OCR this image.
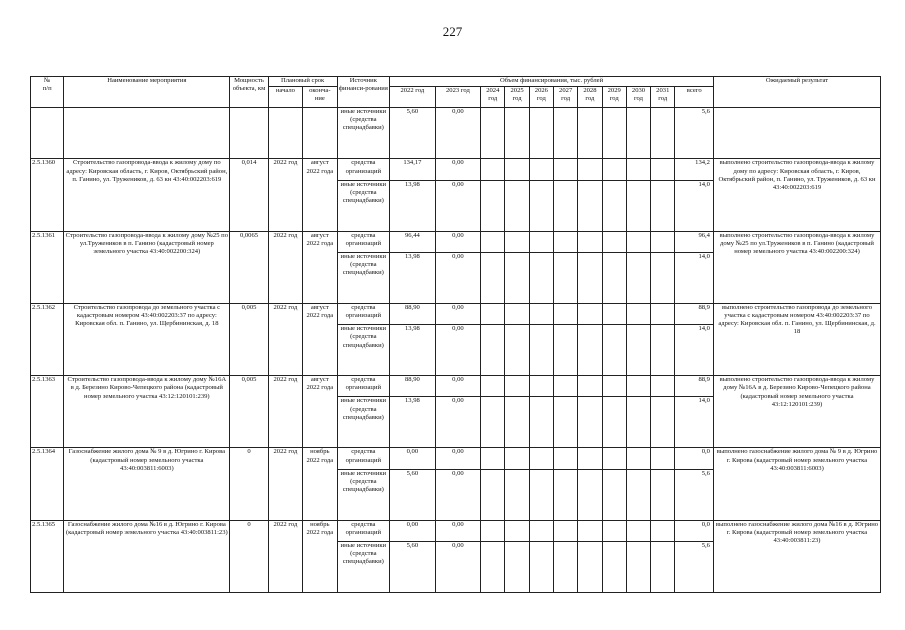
227
№
п/п	Наименование мероприятия	Мощность объекта, км	Плановый срок		Источник финанси-рования	Объем финансирования, тыс. рублей											Ожидаемый результат
			начало	оконча-ние		2022 год	2023 год	2024 год	2025 год	2026 год	2027 год	2028 год	2029 год	2030 год	2031 год	всего	

					иные источники (средства спецнадбавки)	5,60	0,00									5,6	
2.5.1360	Строительство газопровода-ввода к жилому дому по адресу: Кировская область, г. Киров, Октябрьский район, п. Ганино, ул. Тружеников, д. 63 кн 43:40:002203:619	0,014	2022 год	август 2022 года	средства организаций	134,17	0,00									134,2	выполнено строительство газопровода-ввода к жилому дому по адресу: Кировская область, г. Киров, Октябрьский район, п. Ганино, ул. Тружеников, д. 63 кн 43:40:002203:619
					иные источники (средства спецнадбавки)	13,98	0,00									14,0	
2.5.1361	Строительство газопровода-ввода к жилому дому №25 по ул.Тружеников в п. Ганино (кадастровый номер земельного участка 43:40:002200:324)	0,0065	2022 год	август 2022 года	средства организаций	96,44	0,00									96,4	выполнено строительство газопровода-ввода к жилому дому №25 по ул.Тружеников в п. Ганино (кадастровый номер земельного участка 43:40:002200:324)
					иные источники (средства спецнадбавки)	13,98	0,00									14,0	
2.5.1362	Строительство газопровода до земельного участка с кадастровым номером 43:40:002203:37 по адресу: Кировская обл. п. Ганино, ул. Щербининская, д. 18	0,005	2022 год	август 2022 года	средства организаций	88,90	0,00									88,9	выполнено строительство газопровода до земельного участка с кадастровым номером 43:40:002203:37 по адресу: Кировская обл. п. Ганино, ул. Щербининская, д. 18
					иные источники (средства спецнадбавки)	13,98	0,00									14,0	
2.5.1363	Строительство газопровода-ввода к жилому дому №16А в д. Березино Кирово-Чепецкого района (кадастровый номер земельного участка 43:12:120101:239)	0,005	2022 год	август 2022 года	средства организаций	88,90	0,00									88,9	выполнено строительство газопровода-ввода к жилому дому №16А в д. Березино Кирово-Чепецкого района (кадастровый номер земельного участка 43:12:120101:239)
					иные источники (средства спецнадбавки)	13,98	0,00									14,0	
2.5.1364	Газоснабжение жилого дома № 9 в д. Югрино г. Кирова (кадастровый номер земельного участка 43:40:003811:6003)	0	2022 год	ноябрь 2022 года	средства организаций	0,00	0,00									0,0	выполнено газоснабжение жилого дома № 9 в д. Югрино г. Кирова (кадастровый номер земельного участка 43:40:003811:6003)
					иные источники (средства спецнадбавки)	5,60	0,00									5,6	
2.5.1365	Газоснабжение жилого дома №16 в д. Югрино г. Кирова (кадастровый номер земельного участка 43:40:003811:23)	0	2022 год	ноябрь 2022 года	средства организаций	0,00	0,00									0,0	выполнено газоснабжение жилого дома №16 в д. Югрино г. Кирова (кадастровый номер земельного участка 43:40:003811:23)
					иные источники (средства спецнадбавки)	5,60	0,00									5,6	
